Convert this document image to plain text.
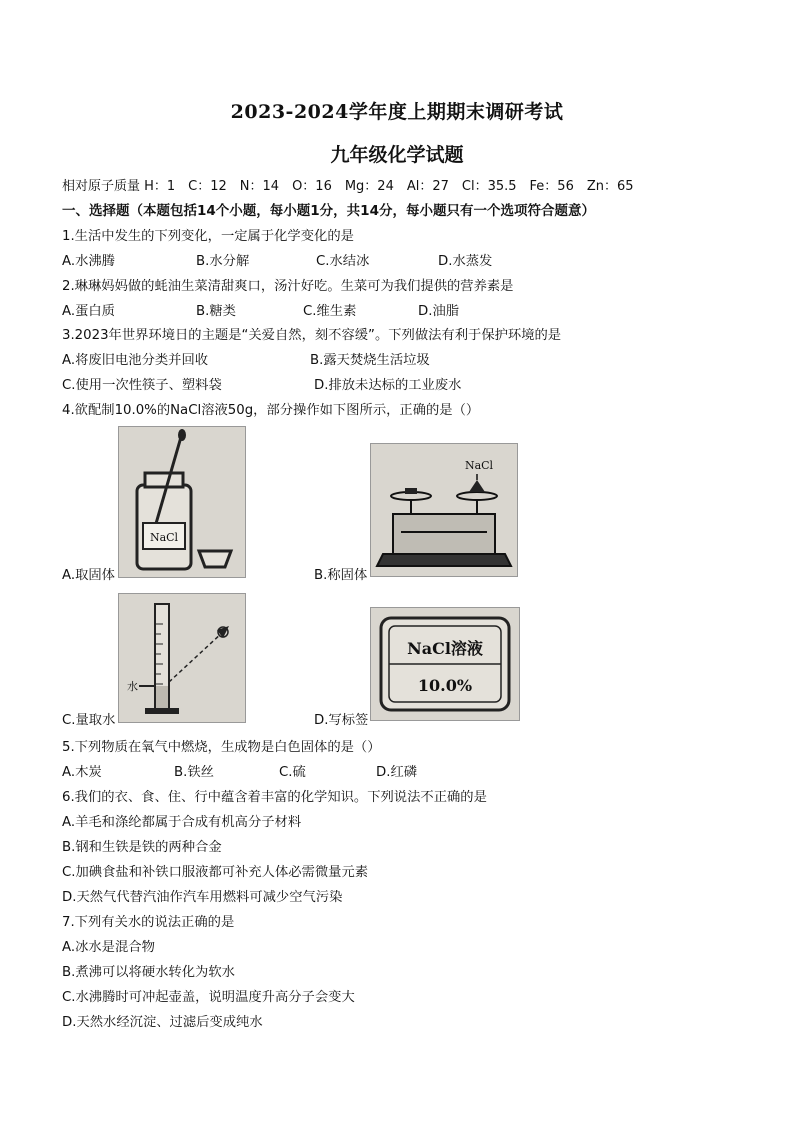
2023-2024学年度上期期末调研考试
九年级化学试题
相对原子质量 H：1　C：12　N：14　O：16　Mg：24　Al：27　Cl：35.5　Fe：56　Zn：65
一、选择题（本题包括14个小题，每小题1分，共14分，每小题只有一个选项符合题意）
1.生活中发生的下列变化，一定属于化学变化的是
A.水沸腾	B.水分解	C.水结冰	D.水蒸发
2.琳琳妈妈做的蚝油生菜清甜爽口，汤汁好吃。生菜可为我们提供的营养素是
A.蛋白质	B.糖类	C.维生素	D.油脂
3.2023年世界环境日的主题是“关爱自然，刻不容缓”。下列做法有利于保护环境的是
A.将废旧电池分类并回收	B.露天焚烧生活垃圾
C.使用一次性筷子、塑料袋	D.排放未达标的工业废水
4.欲配制10.0%的NaCl溶液50g，部分操作如下图所示，正确的是（）
NaCl
A.取固体
NaCl
B.称固体
水
C.量取水
NaCl溶液
10.0%
D.写标签
5.下列物质在氧气中燃烧，生成物是白色固体的是（）
A.木炭	B.铁丝	C.硫	D.红磷
6.我们的衣、食、住、行中蕴含着丰富的化学知识。下列说法不正确的是
A.羊毛和涤纶都属于合成有机高分子材料
B.钢和生铁是铁的两种合金
C.加碘食盐和补铁口服液都可补充人体必需微量元素
D.天然气代替汽油作汽车用燃料可减少空气污染
7.下列有关水的说法正确的是
A.冰水是混合物
B.煮沸可以将硬水转化为软水
C.水沸腾时可冲起壶盖，说明温度升高分子会变大
D.天然水经沉淀、过滤后变成纯水
